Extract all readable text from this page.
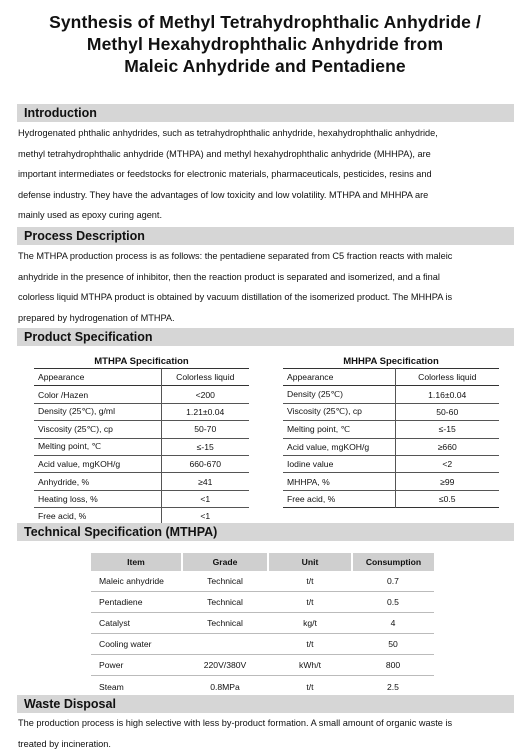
Synthesis of Methyl Tetrahydrophthalic Anhydride /
Methyl Hexahydrophthalic Anhydride from
Maleic Anhydride and Pentadiene
Introduction
Hydrogenated phthalic anhydrides, such as tetrahydrophthalic anhydride, hexahydrophthalic anhydride,
methyl tetrahydrophthalic anhydride (MTHPA) and methyl hexahydrophthalic anhydride (MHHPA), are
important intermediates or feedstocks for electronic materials, pharmaceuticals, pesticides, resins and
defense industry. They have the advantages of low toxicity and low volatility. MTHPA and MHHPA are
mainly used as epoxy curing agent.
Process Description
The MTHPA production process is as follows: the pentadiene separated from C5 fraction reacts with maleic
anhydride in the presence of inhibitor, then the reaction product is separated and isomerized, and a final
colorless liquid MTHPA product is obtained by vacuum distillation of the isomerized product. The MHHPA is
prepared by hydrogenation of MTHPA.
Product Specification
MTHPA Specification
Appearance	Colorless liquid
Color /Hazen	<200
Density (25℃), g/ml	1.21±0.04
Viscosity (25℃), cp	50-70
Melting point, ℃	≤-15
Acid value, mgKOH/g	660-670
Anhydride, %	≥41
Heating loss, %	<1
Free acid, %	<1
MHHPA Specification
Appearance	Colorless liquid
Density (25℃)	1.16±0.04
Viscosity (25℃), cp	50-60
Melting point, ℃	≤-15
Acid value, mgKOH/g	≥660
Iodine value	<2
MHHPA, %	≥99
Free acid, %	≤0.5
Technical Specification (MTHPA)
Item	Grade	Unit	Consumption
Maleic anhydride	Technical	t/t	0.7
Pentadiene	Technical	t/t	0.5
Catalyst	Technical	kg/t	4
Cooling water		t/t	50
Power	220V/380V	kWh/t	800
Steam	0.8MPa	t/t	2.5
Waste Disposal
The production process is high selective with less by-product formation. A small amount of organic waste is
treated by incineration.
